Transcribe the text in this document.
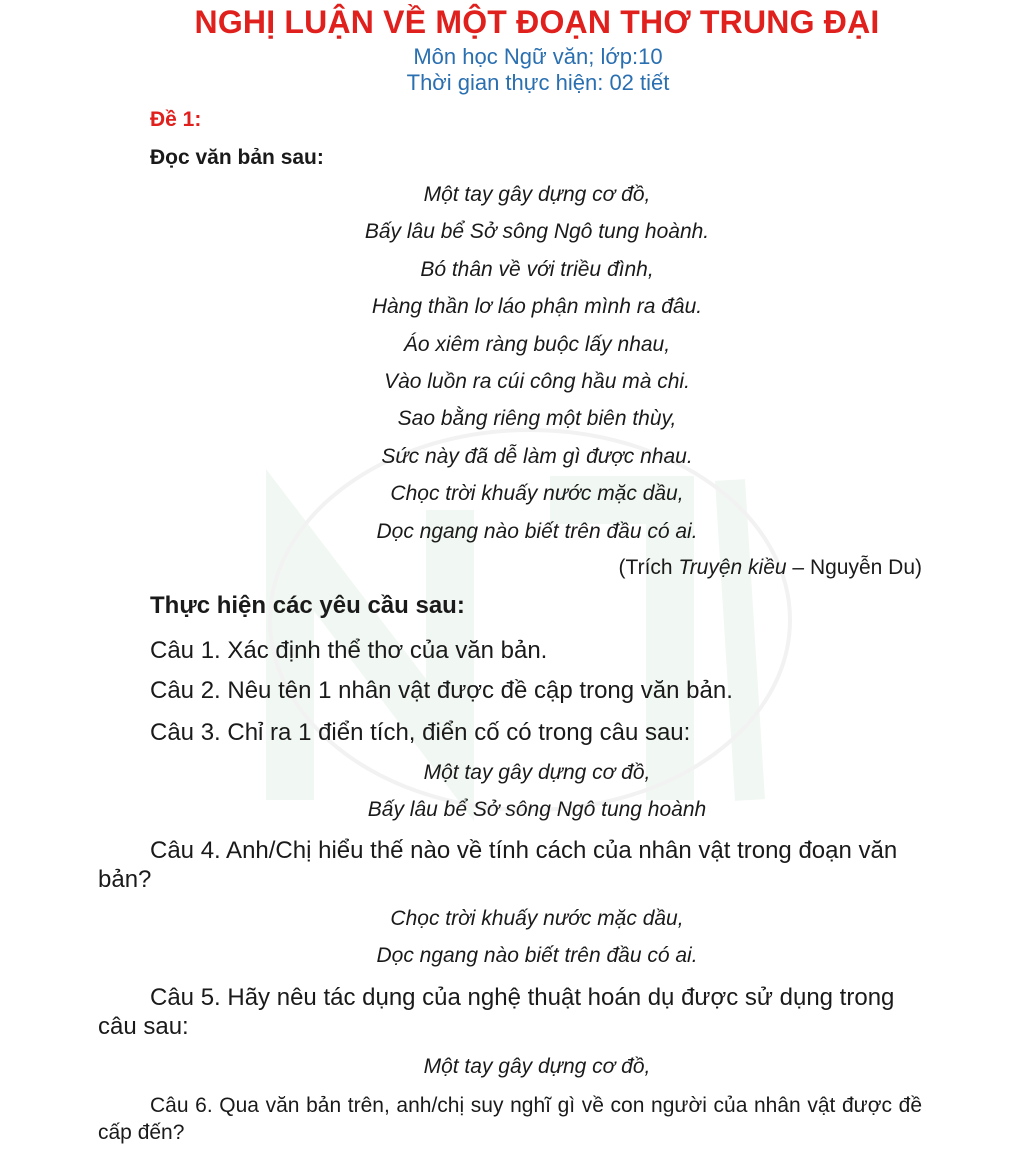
NGHỊ LUẬN VỀ MỘT ĐOẠN THƠ TRUNG ĐẠI
Môn học Ngữ văn; lớp:10
Thời gian thực hiện: 02 tiết
Đề 1:
Đọc văn bản sau:
Một tay gây dựng cơ đồ,
Bấy lâu bể Sở sông Ngô tung hoành.
Bó thân về với triều đình,
Hàng thần lơ láo phận mình ra đâu.
Áo xiêm ràng buộc lấy nhau,
Vào luồn ra cúi công hầu mà chi.
Sao bằng riêng một biên thùy,
Sức này đã dễ làm gì được nhau.
Chọc trời khuấy nước mặc dầu,
Dọc ngang nào biết trên đầu có ai.
(Trích Truyện kiều – Nguyễn Du)
Thực hiện các yêu cầu sau:
Câu 1. Xác định thể thơ của văn bản.
Câu 2. Nêu tên 1 nhân vật được đề cập trong văn bản.
Câu 3. Chỉ ra 1 điển tích, điển cố có trong câu sau:
Một tay gây dựng cơ đồ,
Bấy lâu bể Sở sông Ngô tung hoành
Câu 4. Anh/Chị hiểu thế nào về tính cách của nhân vật trong đoạn văn bản?
Chọc trời khuấy nước mặc dầu,
Dọc ngang nào biết trên đầu có ai.
Câu 5. Hãy nêu tác dụng của nghệ thuật hoán dụ được sử dụng trong câu sau:
Một tay gây dựng cơ đồ,
Câu 6. Qua văn bản trên, anh/chị suy nghĩ gì về con người của nhân vật được đề cấp đến?
